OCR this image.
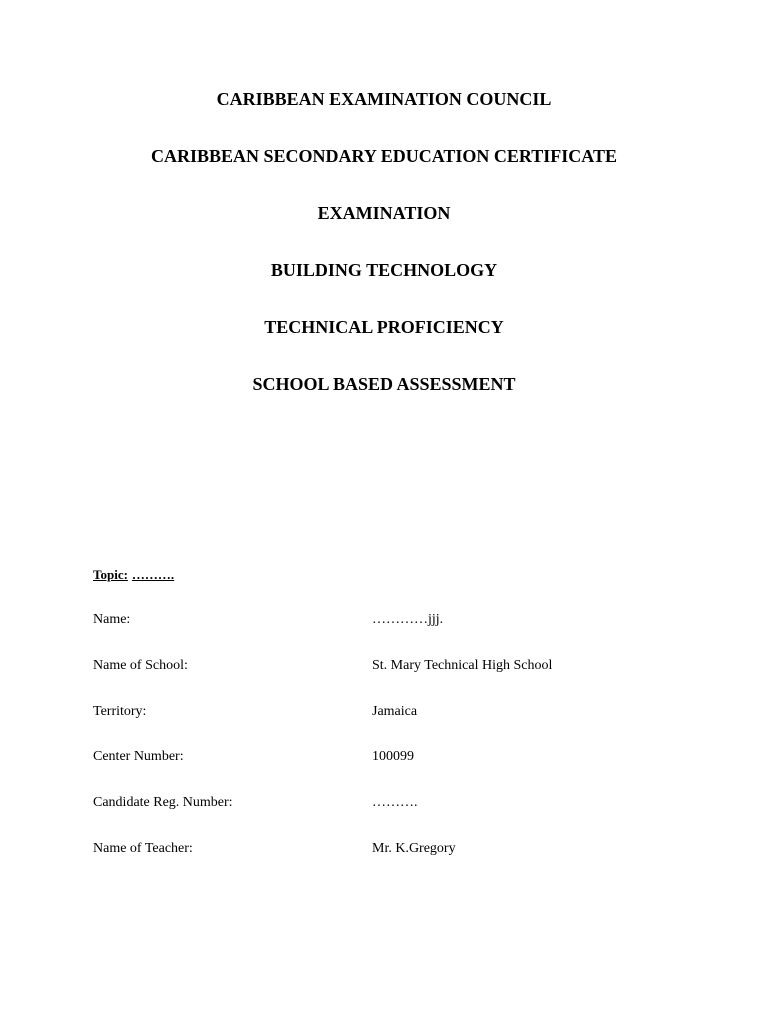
CARIBBEAN EXAMINATION COUNCIL
CARIBBEAN SECONDARY EDUCATION CERTIFICATE
EXAMINATION
BUILDING TECHNOLOGY
TECHNICAL PROFICIENCY
SCHOOL BASED ASSESSMENT
Topic: ……….
Name:	…………jjj.
Name of School:	St. Mary Technical High School
Territory:	Jamaica
Center Number:	100099
Candidate Reg. Number:	……….
Name of Teacher:	Mr. K.Gregory
